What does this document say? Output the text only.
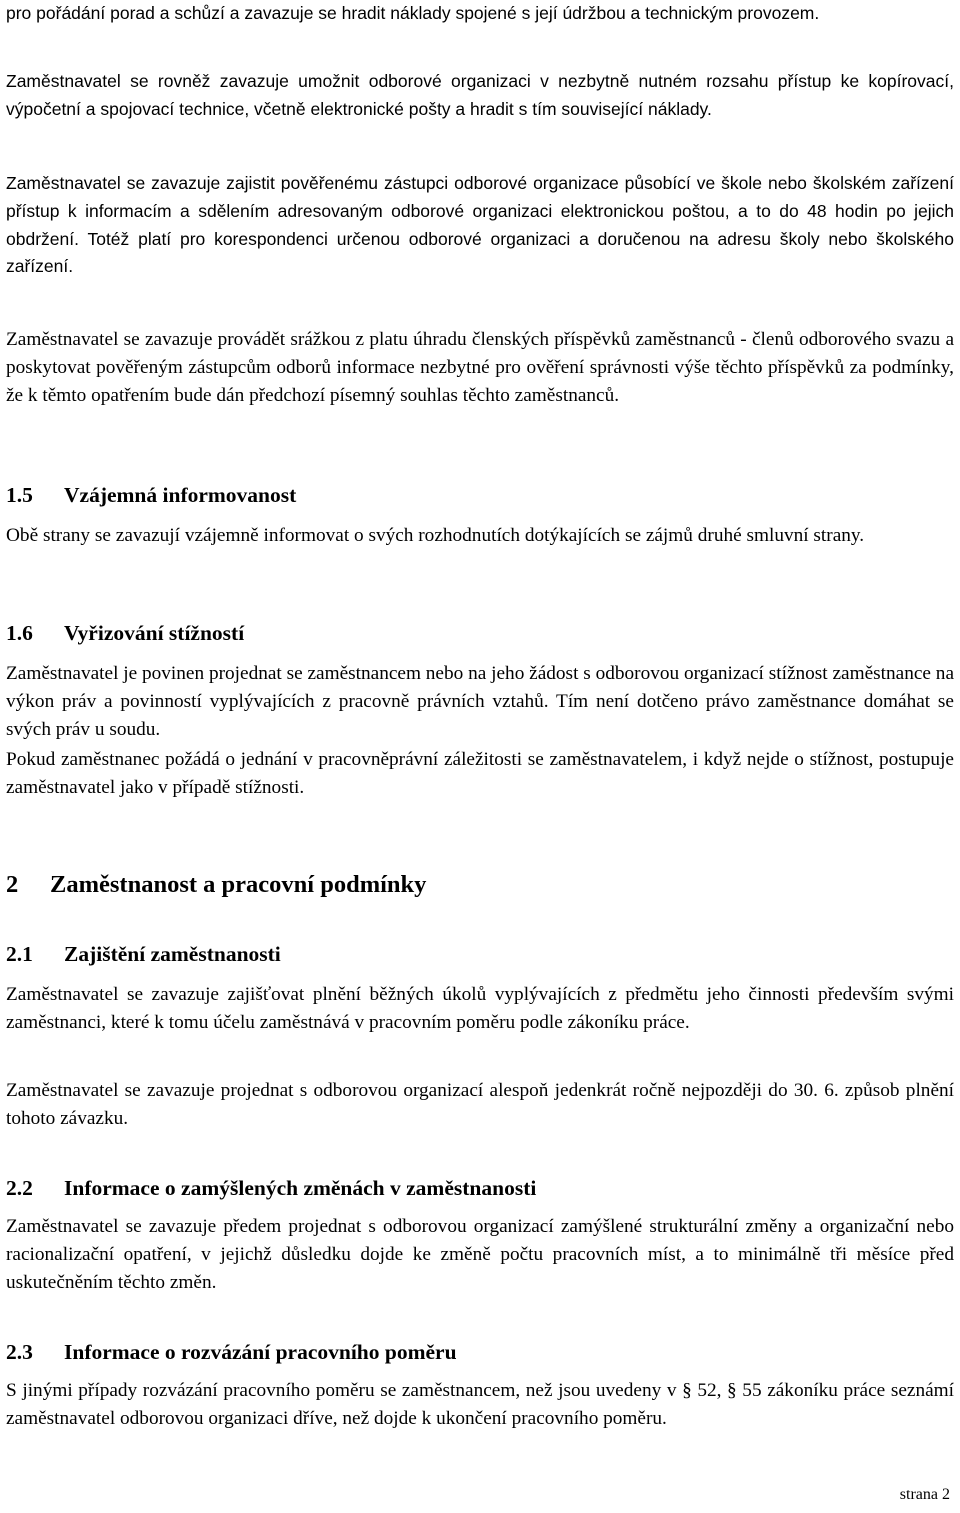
pro pořádání porad a schůzí a zavazuje se hradit náklady spojené s její údržbou a technickým provozem.

Zaměstnavatel se rovněž zavazuje umožnit odborové organizaci v nezbytně nutném rozsahu přístup ke kopírovací, výpočetní a spojovací technice, včetně elektronické pošty a hradit s tím související náklady.

Zaměstnavatel se zavazuje zajistit pověřenému zástupci odborové organizace působící ve škole nebo školském zařízení přístup k informacím a sdělením adresovaným odborové organizaci elektronickou poštou, a to do 48 hodin po jejich obdržení. Totéž platí pro korespondenci určenou odborové organizaci a doručenou na adresu školy nebo školského zařízení.

Zaměstnavatel se zavazuje provádět srážkou z platu úhradu členských příspěvků zaměstnanců - členů odborového svazu a poskytovat pověřeným zástupcům odborů informace nezbytné pro ověření správnosti výše těchto příspěvků za podmínky, že k těmto opatřením bude dán předchozí písemný souhlas těchto zaměstnanců.

1.5	Vzájemná informovanost

Obě strany se zavazují vzájemně informovat o svých rozhodnutích dotýkajících se zájmů druhé smluvní strany.

1.6	Vyřizování stížností

Zaměstnavatel je povinen projednat se zaměstnancem nebo na jeho žádost s odborovou organizací stížnost zaměstnance na výkon práv a povinností vyplývajících z pracovně právních vztahů. Tím není dotčeno právo zaměstnance domáhat se svých práv u soudu.

Pokud zaměstnanec požádá o jednání v pracovněprávní záležitosti se zaměstnavatelem, i když nejde o stížnost, postupuje zaměstnavatel jako v případě stížnosti.

2	Zaměstnanost a pracovní podmínky
2.1	Zajištění zaměstnanosti

Zaměstnavatel se zavazuje zajišťovat plnění běžných úkolů vyplývajících z předmětu jeho činnosti především svými zaměstnanci, které k tomu účelu zaměstnává v pracovním poměru podle zákoníku práce.

Zaměstnavatel se zavazuje projednat s odborovou organizací alespoň jedenkrát ročně nejpozději do 30. 6. způsob plnění tohoto závazku.

2.2	Informace o zamýšlených změnách v zaměstnanosti

Zaměstnavatel se zavazuje předem projednat s odborovou organizací zamýšlené strukturální změny a organizační nebo racionalizační opatření, v jejichž důsledku dojde ke změně počtu pracovních míst, a to minimálně tři měsíce před uskutečněním těchto změn.

2.3	Informace o rozvázání pracovního poměru

S jinými případy rozvázání pracovního poměru se zaměstnancem, než jsou uvedeny v § 52, § 55 zákoníku práce seznámí zaměstnavatel odborovou organizaci dříve, než dojde k ukončení pracovního poměru.

strana 2
